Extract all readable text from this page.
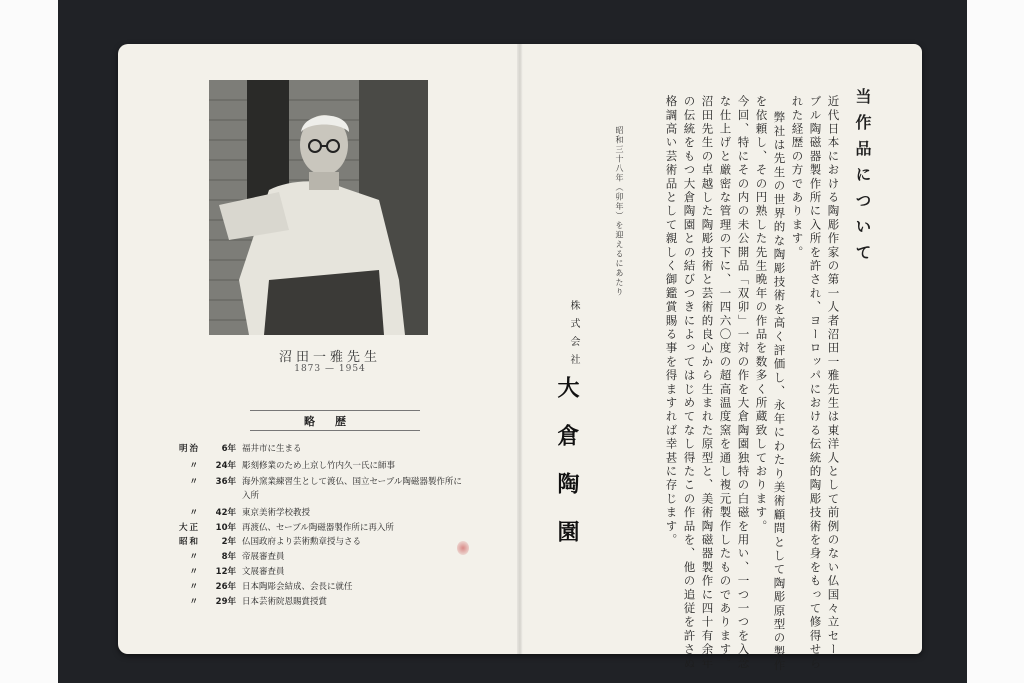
沼田一雅先生
1873 — 1954
略歴
明治	6年 福井市に生まる
〃	24年 彫刻修業のため上京し竹内久一氏に師事
〃	36年 海外窯業練習生として渡仏、国立セーブル陶磁器製作所に
入所
〃	42年 東京美術学校教授
大正	10年 再渡仏、セーブル陶磁器製作所に再入所
昭和	2年 仏国政府より芸術勲章授与さる
〃	8年 帝展審査員
〃	12年 文展審査員
〃	26年 日本陶彫会結成、会長に就任
〃	29年 日本芸術院恩賜賞授賞
当作品について
近代日本における陶彫作家の第一人者沼田一雅先生は東洋人として前例のない仏国々立セー
ブル陶磁器製作所に入所を許され、ヨーロッパにおける伝統的陶彫技術を身をもって修得せら
れた経歴の方であります。
弊社は先生の世界的な陶彫技術を高く評価し、永年にわたり美術顧問として陶彫原型の製作
を依頼し、その円熟した先生晩年の作品を数多く所蔵致しております。
今回、特にその内の未公開品「双卯」一対の作を大倉陶園独特の白磁を用い、一つ一つを入念
な仕上げと厳密な管理の下に、一四六〇度の超高温度窯を通し複元製作したものであります。
沼田先生の卓越した陶彫技術と芸術的良心から生まれた原型と、美術陶磁器製作に四十有余年
の伝統をもつ大倉陶園との結びつきによってはじめてなし得たこの作品を、他の追従を許さぬ
格調高い芸術品として親しく御鑑賞賜る事を得ますれば幸甚に存じます。
昭和三十八年（卯年）を迎えるにあたり
株式会社
大倉陶園
